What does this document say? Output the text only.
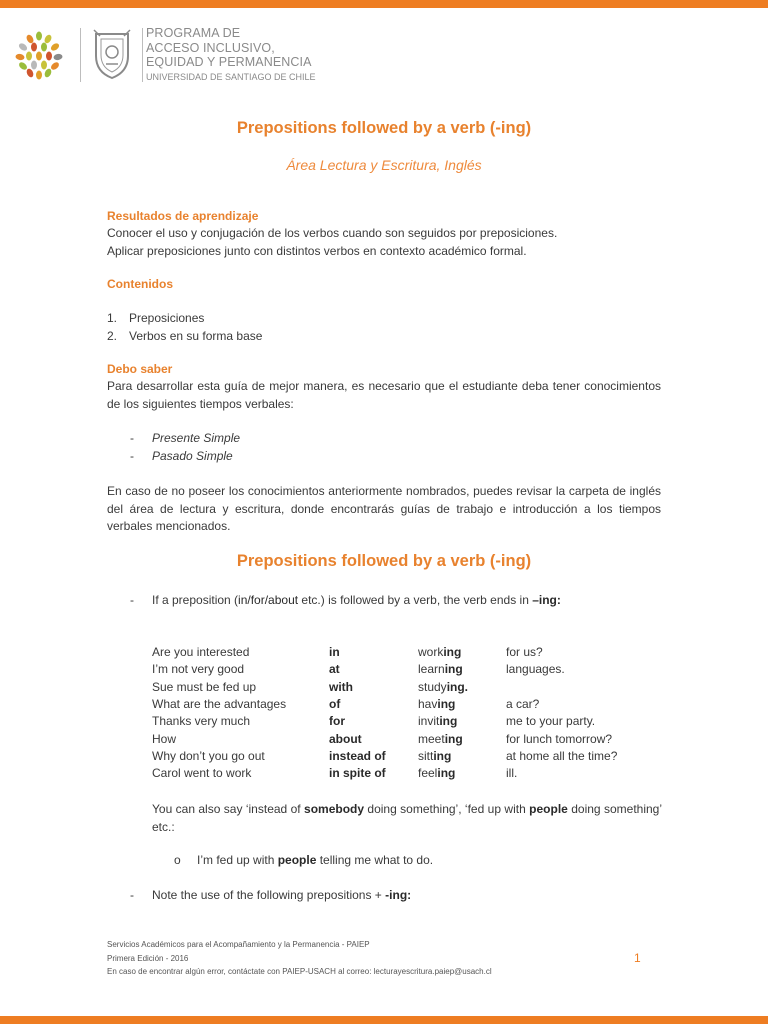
PROGRAMA DE
ACCESO INCLUSIVO,
EQUIDAD Y PERMANENCIA
UNIVERSIDAD DE SANTIAGO DE CHILE
Prepositions followed by a verb (-ing)
Área Lectura y Escritura, Inglés
Resultados de aprendizaje
Conocer el uso y conjugación de los verbos cuando son seguidos por preposiciones.
Aplicar preposiciones junto con distintos verbos en contexto académico formal.
Contenidos
1. Preposiciones
2. Verbos en su forma base
Debo saber
Para desarrollar esta guía de mejor manera, es necesario que el estudiante deba tener conocimientos de los siguientes tiempos verbales:
- Presente Simple
- Pasado Simple
En caso de no poseer los conocimientos anteriormente nombrados, puedes revisar la carpeta de inglés del área de lectura y escritura, donde encontrarás guías de trabajo e introducción a los tiempos verbales mencionados.
Prepositions followed by a verb (-ing)
- If a preposition (in/for/about etc.) is followed by a verb, the verb ends in –ing:
Are you interested	in	working	for us?
I’m not very good	at	learning	languages.
Sue must be fed up	with	studying.
What are the advantages	of	having	a car?
Thanks very much	for	inviting	me to your party.
How	about	meeting	for lunch tomorrow?
Why don’t you go out	instead of	sitting	at home all the time?
Carol went to work	in spite of	feeling	ill.
You can also say ‘instead of somebody doing something’, ‘fed up with people doing something’ etc.:
o I’m fed up with people telling me what to do.
- Note the use of the following prepositions + -ing:
Servicios Académicos para el Acompañamiento y la Permanencia - PAIEP
Primera Edición - 2016
En caso de encontrar algún error, contáctate con PAIEP-USACH al correo: lecturayescritura.paiep@usach.cl
1
